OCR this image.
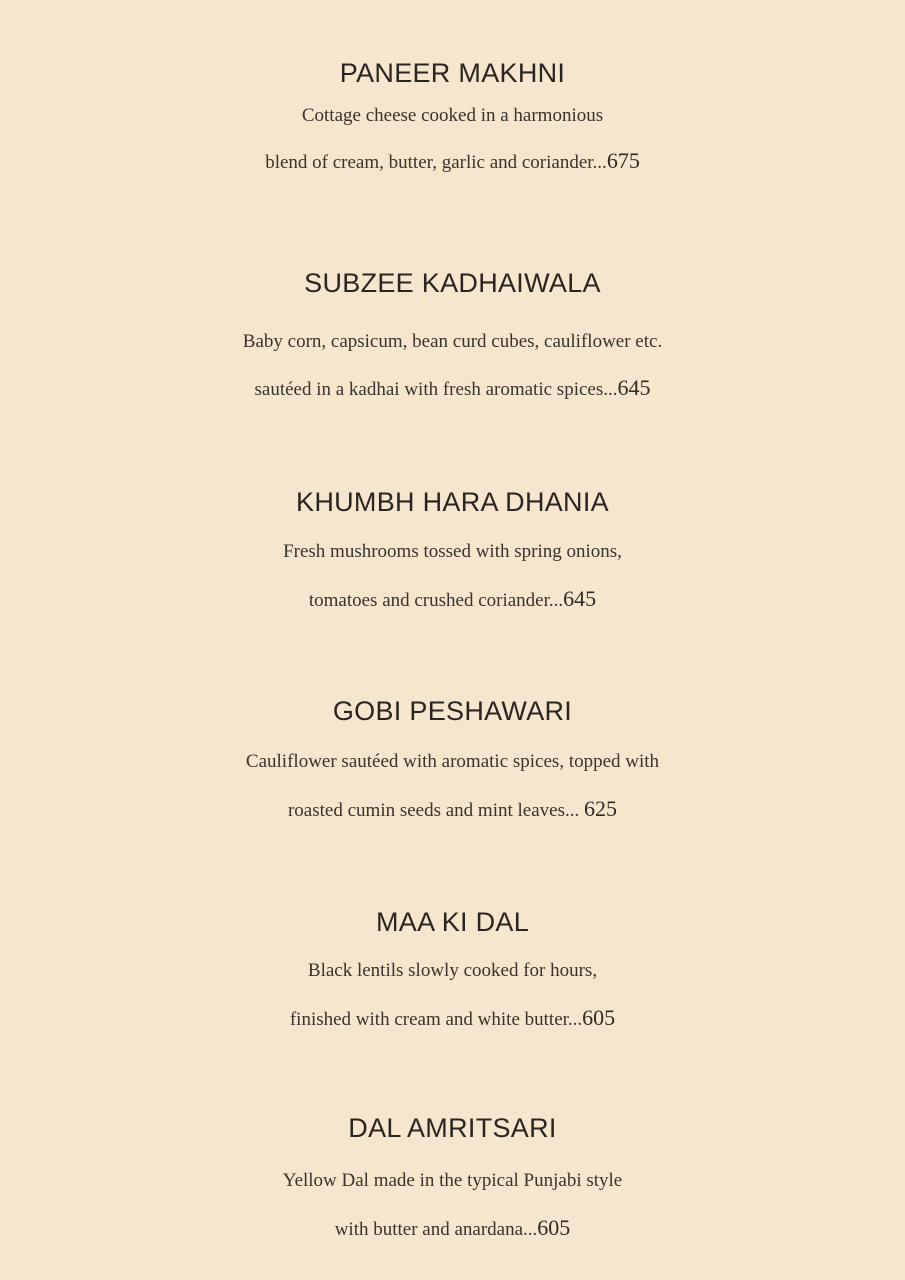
PANEER MAKHNI
Cottage cheese cooked in a harmonious
blend of cream, butter, garlic and coriander...675
SUBZEE KADHAIWALA
Baby corn, capsicum, bean curd cubes, cauliflower etc.
sautéed in a kadhai with fresh aromatic spices...645
KHUMBH HARA DHANIA
Fresh mushrooms tossed with spring onions,
tomatoes and crushed coriander...645
GOBI PESHAWARI
Cauliflower sautéed with aromatic spices, topped with
roasted cumin seeds and mint leaves... 625
MAA KI DAL
Black lentils slowly cooked for hours,
finished with cream and white butter...605
DAL AMRITSARI
Yellow Dal made in the typical Punjabi style
with butter and anardana...605
